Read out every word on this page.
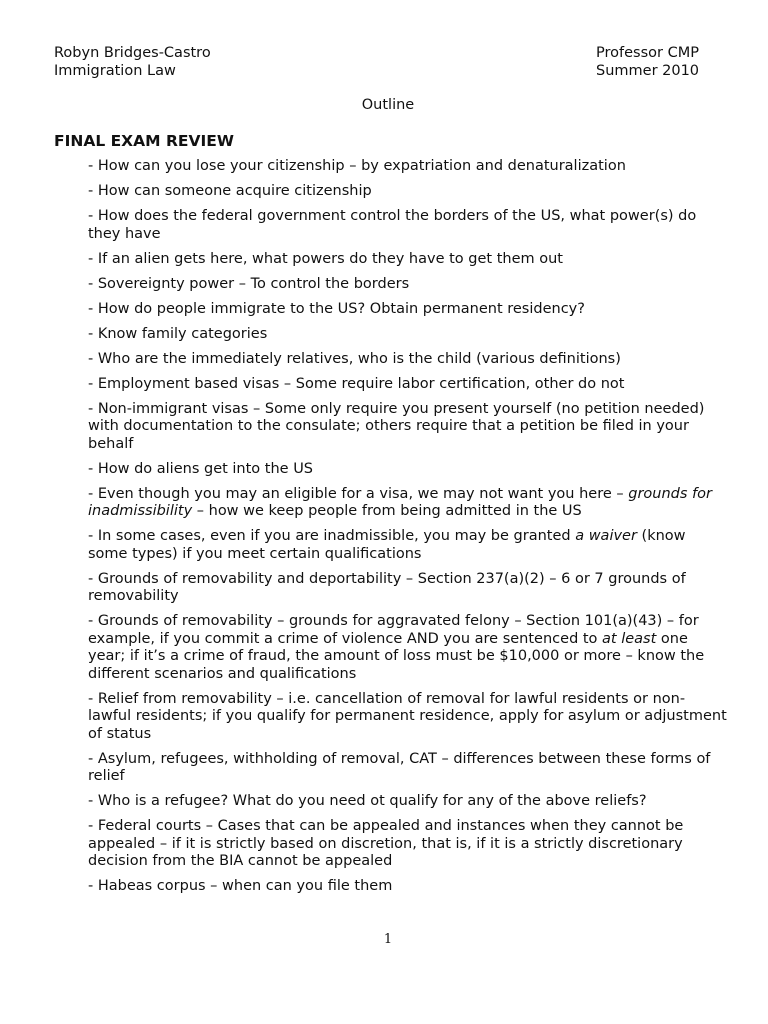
Robyn Bridges-Castro
Immigration Law
Professor CMP
Summer 2010
Outline
FINAL EXAM REVIEW
- How can you lose your citizenship – by expatriation and denaturalization
- How can someone acquire citizenship
- How does the federal government control the borders of the US, what power(s) do they have
- If an alien gets here, what powers do they have to get them out
- Sovereignty power – To control the borders
- How do people immigrate to the US? Obtain permanent residency?
- Know family categories
- Who are the immediately relatives, who is the child (various definitions)
- Employment based visas – Some require labor certification, other do not
- Non-immigrant visas – Some only require you present yourself (no petition needed) with documentation to the consulate; others require that a petition be filed in your behalf
- How do aliens get into the US
- Even though you may an eligible for a visa, we may not want you here – grounds for inadmissibility – how we keep people from being admitted in the US
- In some cases, even if you are inadmissible, you may be granted a waiver (know some types) if you meet certain qualifications
- Grounds of removability and deportability – Section 237(a)(2) – 6 or 7 grounds of removability
- Grounds of removability – grounds for aggravated felony – Section 101(a)(43) – for example, if you commit a crime of violence AND you are sentenced to at least one year; if it’s a crime of fraud, the amount of loss must be $10,000 or more – know the different scenarios and qualifications
- Relief from removability – i.e. cancellation of removal for lawful residents or non-lawful residents; if you qualify for permanent residence, apply for asylum or adjustment of status
- Asylum, refugees, withholding of removal, CAT – differences between these forms of relief
- Who is a refugee? What do you need ot qualify for any of the above reliefs?
- Federal courts – Cases that can be appealed and instances when they cannot be appealed – if it is strictly based on discretion, that is, if it is a strictly discretionary decision from the BIA cannot be appealed
- Habeas corpus – when can you file them
1
